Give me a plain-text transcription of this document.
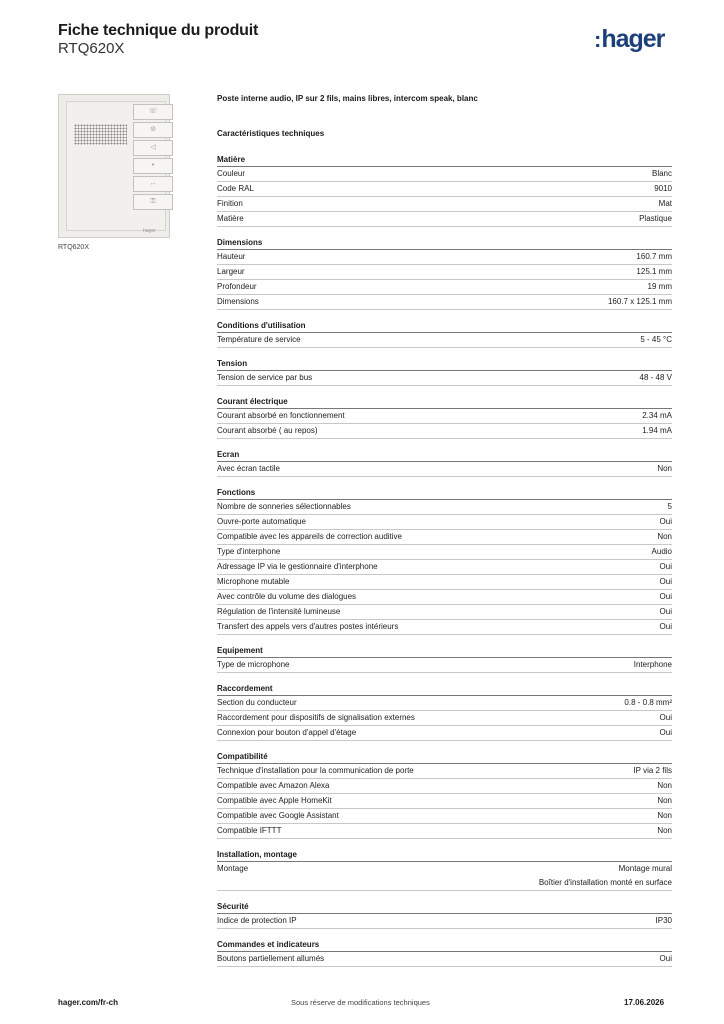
Fiche technique du produit
RTQ620X	:hager
☏
⊘
◁
•
↔
⚿
hager
RTQ620X
Poste interne audio, IP sur 2 fils, mains libres, intercom speak, blanc
Caractéristiques techniques
Matière
Couleur	Blanc
Code RAL	9010
Finition	Mat
Matière	Plastique
Dimensions
Hauteur	160.7 mm
Largeur	125.1 mm
Profondeur	19 mm
Dimensions	160.7 x 125.1 mm
Conditions d'utilisation
Température de service	5 - 45 °C
Tension
Tension de service par bus	48 - 48 V
Courant électrique
Courant absorbé en fonctionnement	2.34 mA
Courant absorbé ( au repos)	1.94 mA
Ecran
Avec écran tactile	Non
Fonctions
Nombre de sonneries sélectionnables	5
Ouvre-porte automatique	Oui
Compatible avec les appareils de correction auditive	Non
Type d'interphone	Audio
Adressage IP via le gestionnaire d'interphone	Oui
Microphone mutable	Oui
Avec contrôle du volume des dialogues	Oui
Régulation de l'intensité lumineuse	Oui
Transfert des appels vers d'autres postes intérieurs	Oui
Equipement
Type de microphone	Interphone
Raccordement
Section du conducteur	0.8 - 0.8 mm²
Raccordement pour dispositifs de signalisation externes	Oui
Connexion pour bouton d'appel d'étage	Oui
Compatibilité
Technique d'installation pour la communication de porte	IP via 2 fils
Compatible avec Amazon Alexa	Non
Compatible avec Apple HomeKit	Non
Compatible avec Google Assistant	Non
Compatible IFTTT	Non
Installation, montage
Montage	Montage mural
Boîtier d'installation monté en surface
Sécurité
Indice de protection IP	IP30
Commandes et indicateurs
Boutons partiellement allumés	Oui
hager.com/fr-ch	Sous réserve de modifications techniques	17.06.2026
